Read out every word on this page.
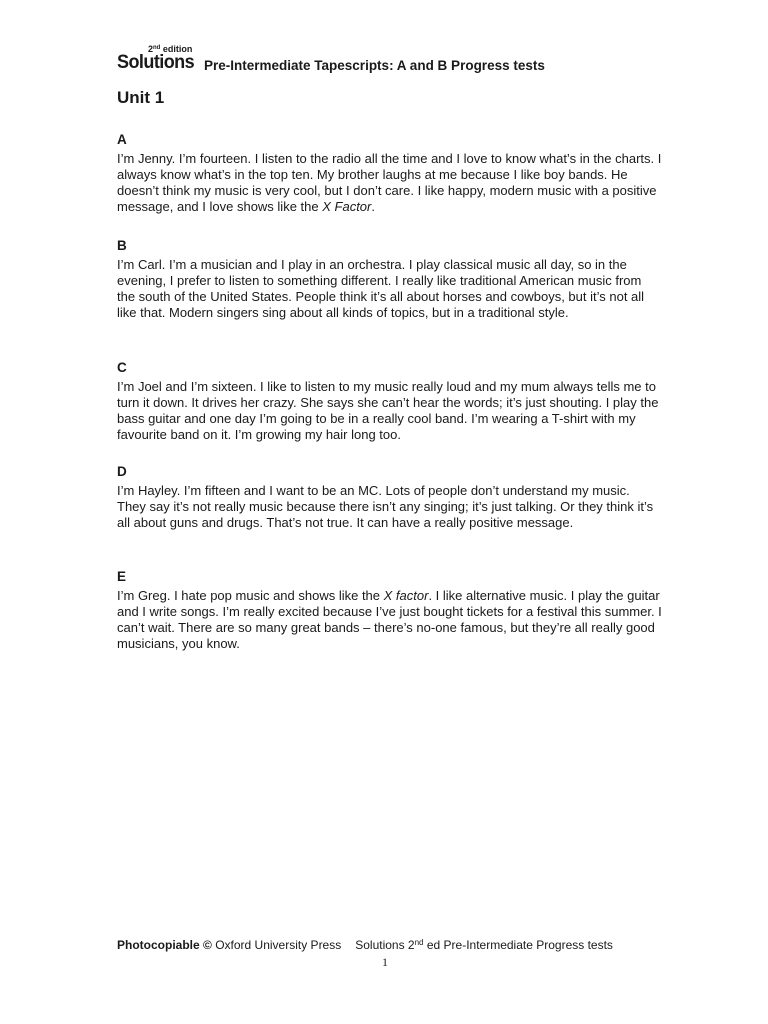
2nd edition
Solutions Pre-Intermediate Tapescripts: A and B Progress tests
Unit 1

A

I’m Jenny. I’m fourteen. I listen to the radio all the time and I love to know what’s in the charts. I always know what’s in the top ten. My brother laughs at me because I like boy bands. He doesn’t think my music is very cool, but I don’t care. I like happy, modern music with a positive message, and I love shows like the X Factor.

B

I’m Carl. I’m a musician and I play in an orchestra. I play classical music all day, so in the evening, I prefer to listen to something different. I really like traditional American music from the south of the United States. People think it’s all about horses and cowboys, but it’s not all like that. Modern singers sing about all kinds of topics, but in a traditional style.

C

I’m Joel and I’m sixteen. I like to listen to my music really loud and my mum always tells me to turn it down. It drives her crazy. She says she can’t hear the words; it’s just shouting. I play the bass guitar and one day I’m going to be in a really cool band. I’m wearing a T-shirt with my favourite band on it. I’m growing my hair long too.

D

I’m Hayley. I’m fifteen and I want to be an MC. Lots of people don’t understand my music. They say it’s not really music because there isn’t any singing; it’s just talking. Or they think it’s all about guns and drugs. That’s not true. It can have a really positive message.

E

I’m Greg. I hate pop music and shows like the X factor. I like alternative music. I play the guitar and I write songs. I’m really excited because I’ve just bought tickets for a festival this summer. I can’t wait. There are so many great bands – there’s no-one famous, but they’re all really good musicians, you know.

Photocopiable © Oxford University Press Solutions 2nd ed Pre-Intermediate Progress tests
1
